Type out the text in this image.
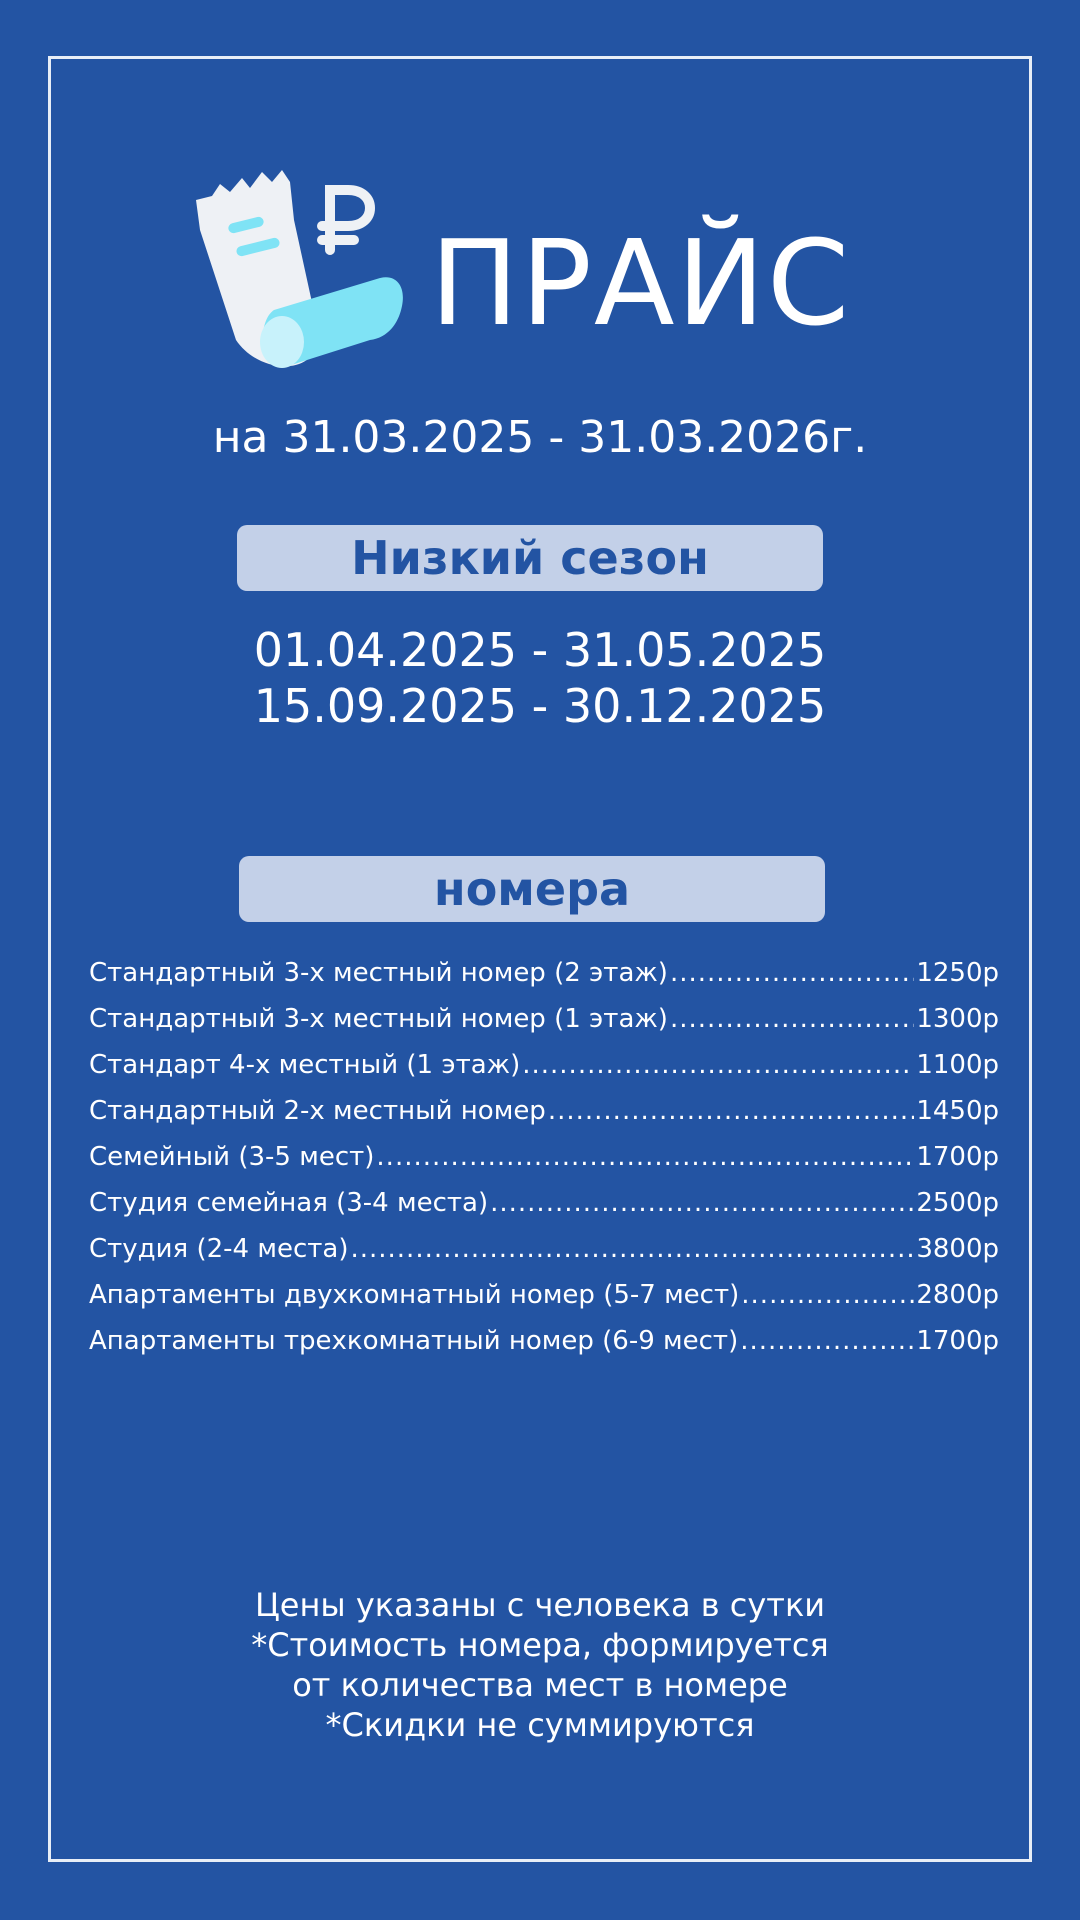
ПРАЙС
на 31.03.2025 - 31.03.2026г.
Низкий сезон
01.04.2025 - 31.05.2025
15.09.2025 - 30.12.2025
номера
Стандартный 3-х местный номер (2 этаж) .....	1250р
Стандартный 3-х местный номер (1 этаж) .....	1300р
Стандарт 4-х местный (1 этаж) .....	1100р
Стандартный 2-х местный номер .....	1450р
Семейный (3-5 мест) .....	1700р
Студия семейная (3-4 места) .....	2500р
Студия (2-4 места) .....	3800р
Апартаменты двухкомнатный номер (5-7 мест) .....	2800р
Апартаменты трехкомнатный номер (6-9 мест) .....	1700р
Цены указаны с человека в сутки
*Стоимость номера, формируется
от количества мест в номере
*Скидки не суммируются
